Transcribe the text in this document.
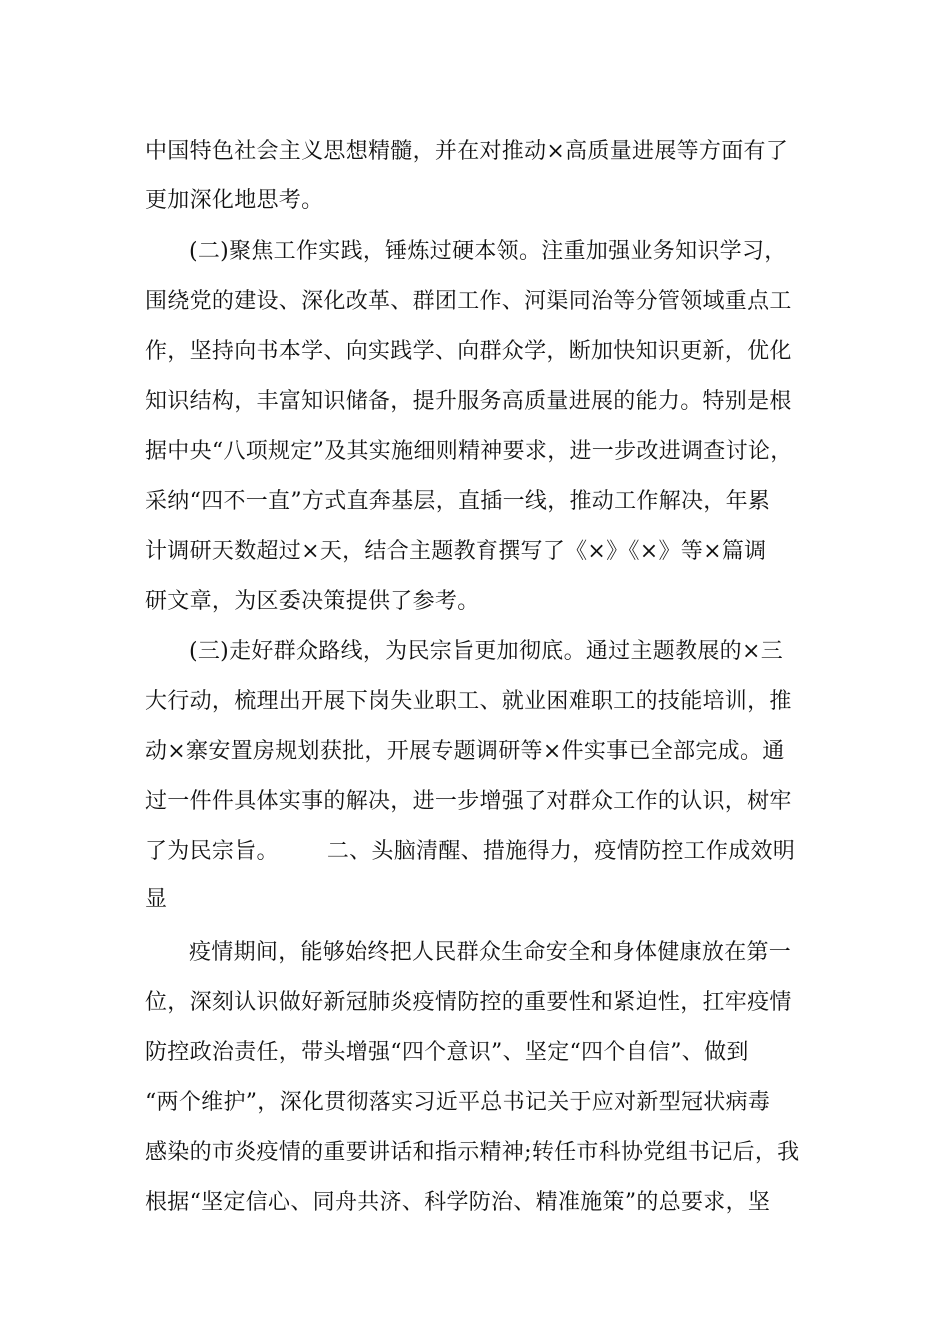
中国特色社会主义思想精髓，并在对推动×高质量进展等方面有了
更加深化地思考。
(二)聚焦工作实践，锤炼过硬本领。注重加强业务知识学习，
围绕党的建设、深化改革、群团工作、河渠同治等分管领域重点工
作，坚持向书本学、向实践学、向群众学，断加快知识更新，优化
知识结构，丰富知识储备，提升服务高质量进展的能力。特别是根
据中央“八项规定”及其实施细则精神要求，进一步改进调查讨论，
采纳“四不一直”方式直奔基层，直插一线，推动工作解决，年累
计调研天数超过×天，结合主题教育撰写了《×》《×》等×篇调
研文章，为区委决策提供了参考。
(三)走好群众路线，为民宗旨更加彻底。通过主题教展的×三
大行动，梳理出开展下岗失业职工、就业困难职工的技能培训，推
动×寨安置房规划获批，开展专题调研等×件实事已全部完成。通
过一件件具体实事的解决，进一步增强了对群众工作的认识，树牢
了为民宗旨。 二、头脑清醒、措施得力，疫情防控工作成效明
显
疫情期间，能够始终把人民群众生命安全和身体健康放在第一
位，深刻认识做好新冠肺炎疫情防控的重要性和紧迫性，扛牢疫情
防控政治责任，带头增强“四个意识”、坚定“四个自信”、做到
“两个维护”，深化贯彻落实习近平总书记关于应对新型冠状病毒
感染的市炎疫情的重要讲话和指示精神;转任市科协党组书记后，我
根据“坚定信心、同舟共济、科学防治、精准施策”的总要求，坚
